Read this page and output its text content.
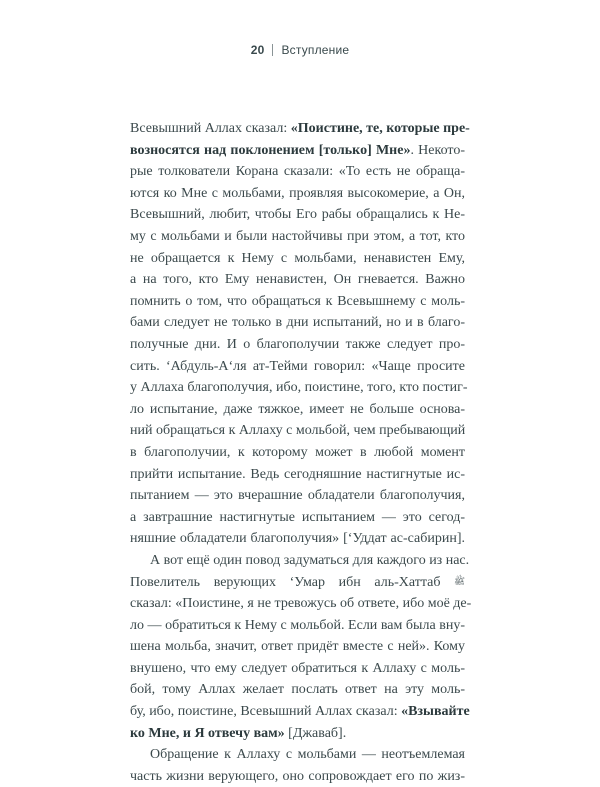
20 Вступление
Всевышний Аллах сказал: «Поистине, те, которые пре-
возносятся над поклонением [только] Мне». Некото-
рые толкователи Корана сказали: «То есть не обраща-
ются ко Мне с мольбами, проявляя высокомерие, а Он,
Всевышний, любит, чтобы Его рабы обращались к Не-
му с мольбами и были настойчивы при этом, а тот, кто
не обращается к Нему с мольбами, ненавистен Ему,
а на того, кто Ему ненавистен, Он гневается. Важно
помнить о том, что обращаться к Всевышнему с моль-
бами следует не только в дни испытаний, но и в благо-
получные дни. И о благополучии также следует про-
сить. ‘Абдуль-А‘ля ат-Тейми говорил: «Чаще просите
у Аллаха благополучия, ибо, поистине, того, кто постиг-
ло испытание, даже тяжкое, имеет не больше основа-
ний обращаться к Аллаху с мольбой, чем пребывающий
в благополучии, к которому может в любой момент
прийти испытание. Ведь сегодняшние настигнутые ис-
пытанием — это вчерашние обладатели благополучия,
а завтрашние настигнутые испытанием — это сегод-
няшние обладатели благополучия» [‘Уддат ас-сабирин].
А вот ещё один повод задуматься для каждого из нас.
Повелитель верующих ‘Умар ибн аль-Хаттаб ﷺ
сказал: «Поистине, я не тревожусь об ответе, ибо моё де-
ло — обратиться к Нему с мольбой. Если вам была вну-
шена мольба, значит, ответ придёт вместе с ней». Кому
внушено, что ему следует обратиться к Аллаху с моль-
бой, тому Аллах желает послать ответ на эту моль-
бу, ибо, поистине, Всевышний Аллах сказал: «Взывайте
ко Мне, и Я отвечу вам» [Джаваб].
Обращение к Аллаху с мольбами — неотъемлемая
часть жизни верующего, оно сопровождает его по жиз-
